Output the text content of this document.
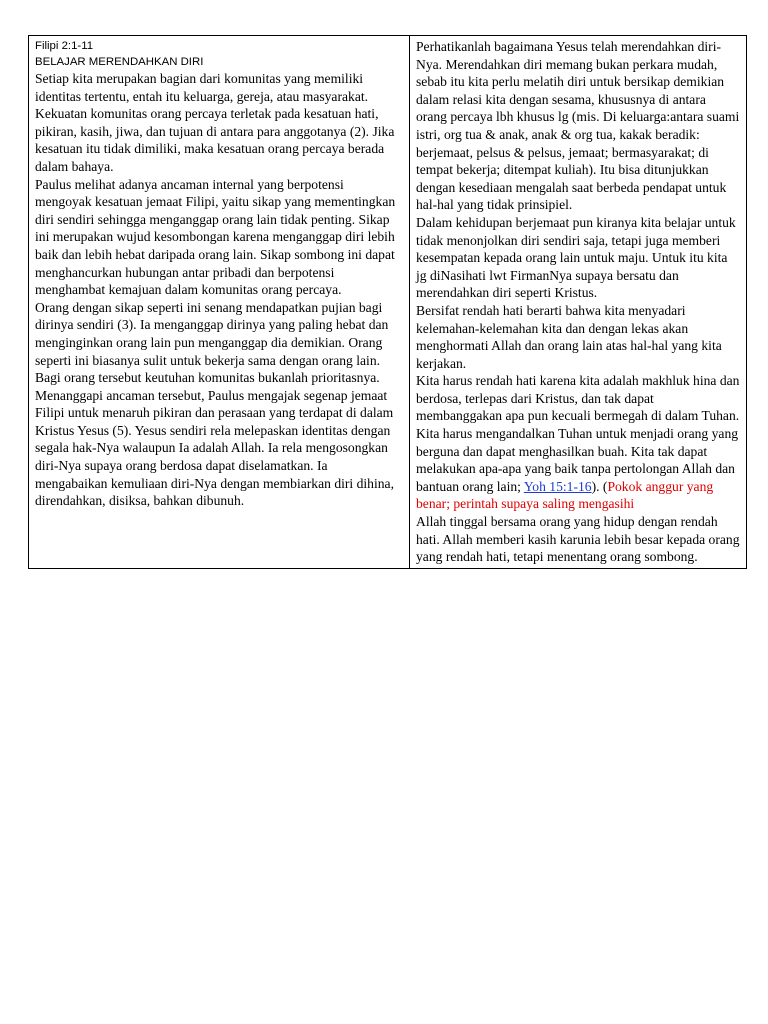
Filipi 2:1-11
BELAJAR MERENDAHKAN DIRI

Setiap kita merupakan bagian dari komunitas yang memiliki identitas tertentu, entah itu keluarga, gereja, atau masyarakat. Kekuatan komunitas orang percaya terletak pada kesatuan hati, pikiran, kasih, jiwa, dan tujuan di antara para anggotanya (2). Jika kesatuan itu tidak dimiliki, maka kesatuan orang percaya berada dalam bahaya.

Paulus melihat adanya ancaman internal yang berpotensi mengoyak kesatuan jemaat Filipi, yaitu sikap yang mementingkan diri sendiri sehingga menganggap orang lain tidak penting. Sikap ini merupakan wujud kesombongan karena menganggap diri lebih baik dan lebih hebat daripada orang lain. Sikap sombong ini dapat menghancurkan hubungan antar pribadi dan berpotensi menghambat kemajuan dalam komunitas orang percaya.

Orang dengan sikap seperti ini senang mendapatkan pujian bagi dirinya sendiri (3). Ia menganggap dirinya yang paling hebat dan menginginkan orang lain pun menganggap dia demikian. Orang seperti ini biasanya sulit untuk bekerja sama dengan orang lain. Bagi orang tersebut keutuhan komunitas bukanlah prioritasnya.

Menanggapi ancaman tersebut, Paulus mengajak segenap jemaat Filipi untuk menaruh pikiran dan perasaan yang terdapat di dalam Kristus Yesus (5). Yesus sendiri rela melepaskan identitas dengan segala hak-Nya walaupun Ia adalah Allah. Ia rela mengosongkan diri-Nya supaya orang berdosa dapat diselamatkan. Ia mengabaikan kemuliaan diri-Nya dengan membiarkan diri dihina, direndahkan, disiksa, bahkan dibunuh.

Perhatikanlah bagaimana Yesus telah merendahkan diri-Nya. Merendahkan diri memang bukan perkara mudah, sebab itu kita perlu melatih diri untuk bersikap demikian dalam relasi kita dengan sesama, khususnya di antara orang percaya lbh khusus lg (mis. Di keluarga:antara suami istri, org tua & anak, anak & org tua, kakak beradik: berjemaat, pelsus & pelsus, jemaat; bermasyarakat; di tempat bekerja; ditempat kuliah). Itu bisa ditunjukkan dengan kesediaan mengalah saat berbeda pendapat untuk hal-hal yang tidak prinsipiel.

Dalam kehidupan berjemaat pun kiranya kita belajar untuk tidak menonjolkan diri sendiri saja, tetapi juga memberi kesempatan kepada orang lain untuk maju. Untuk itu kita jg diNasihati lwt FirmanNya supaya bersatu dan merendahkan diri seperti Kristus.

Bersifat rendah hati berarti bahwa kita menyadari kelemahan-kelemahan kita dan dengan lekas akan menghormati Allah dan orang lain atas hal-hal yang kita kerjakan.

Kita harus rendah hati karena kita adalah makhluk hina dan berdosa, terlepas dari Kristus, dan tak dapat membanggakan apa pun kecuali bermegah di dalam Tuhan. Kita harus mengandalkan Tuhan untuk menjadi orang yang berguna dan dapat menghasilkan buah. Kita tak dapat melakukan apa-apa yang baik tanpa pertolongan Allah dan bantuan orang lain; Yoh 15:1-16). (Pokok anggur yang benar; perintah supaya saling mengasihi

Allah tinggal bersama orang yang hidup dengan rendah hati. Allah memberi kasih karunia lebih besar kepada orang yang rendah hati, tetapi menentang orang sombong.
